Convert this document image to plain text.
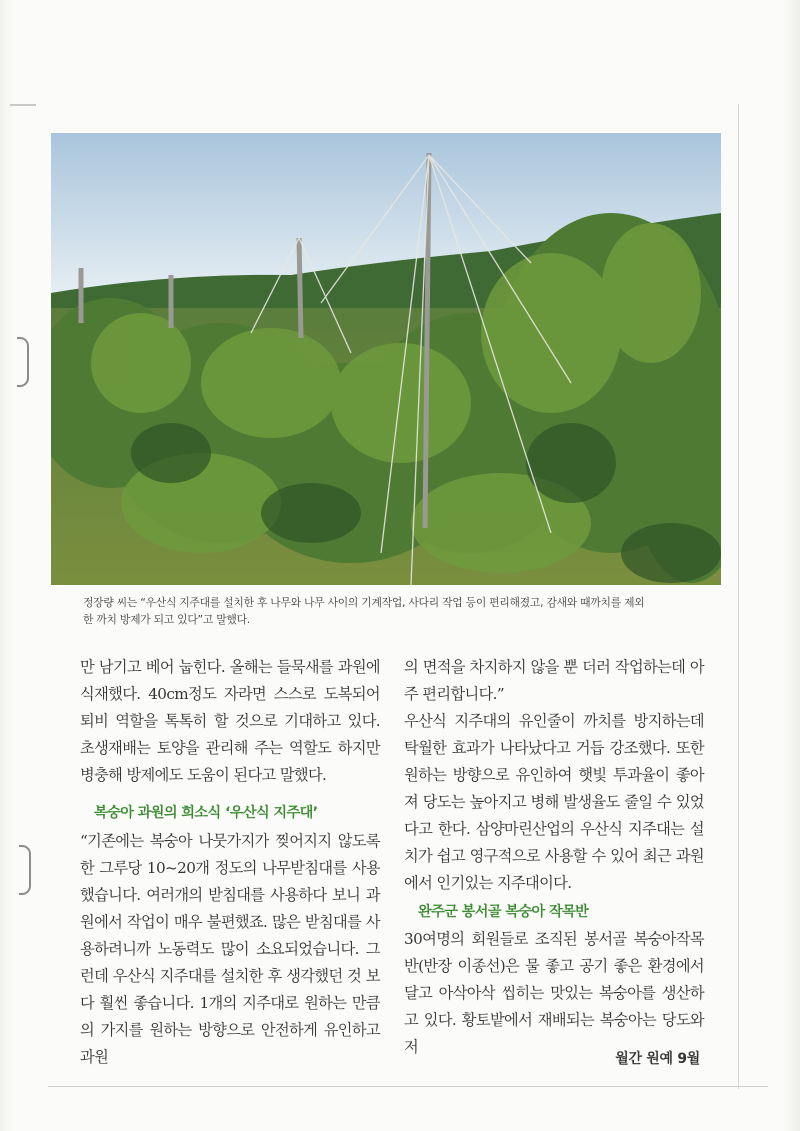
정장량 씨는 “우산식 지주대를 설치한 후 나무와 나무 사이의 기계작업, 사다리 작업 등이 편리해졌고, 감새와 때까치를 제외
한 까치 방제가 되고 있다”고 말했다.

만 남기고 베어 눕힌다. 올해는 들묵새를 과원에 식재했다. 40cm정도 자라면 스스로 도복되어 퇴비 역할을 톡톡히 할 것으로 기대하고 있다. 초생재배는 토양을 관리해 주는 역할도 하지만 병충해 방제에도 도움이 된다고 말했다.

복숭아 과원의 희소식 ‘우산식 지주대’

“기존에는 복숭아 나뭇가지가 찢어지지 않도록 한 그루당 10~20개 정도의 나무받침대를 사용했습니다. 여러개의 받침대를 사용하다 보니 과원에서 작업이 매우 불편했죠. 많은 받침대를 사용하려니까 노동력도 많이 소요되었습니다. 그런데 우산식 지주대를 설치한 후 생각했던 것 보다 훨씬 좋습니다. 1개의 지주대로 원하는 만큼의 가지를 원하는 방향으로 안전하게 유인하고 과원

의 면적을 차지하지 않을 뿐 더러 작업하는데 아주 편리합니다.”

우산식 지주대의 유인줄이 까치를 방지하는데 탁월한 효과가 나타났다고 거듭 강조했다. 또한 원하는 방향으로 유인하여 햇빛 투과율이 좋아져 당도는 높아지고 병해 발생율도 줄일 수 있었다고 한다. 삼양마린산업의 우산식 지주대는 설치가 쉽고 영구적으로 사용할 수 있어 최근 과원에서 인기있는 지주대이다.

완주군 봉서골 복숭아 작목반

30여명의 회원들로 조직된 봉서골 복숭아작목반(반장 이종선)은 물 좋고 공기 좋은 환경에서 달고 아삭아삭 씹히는 맛있는 복숭아를 생산하고 있다. 황토밭에서 재배되는 복숭아는 당도와 저

월간 원예 9월
